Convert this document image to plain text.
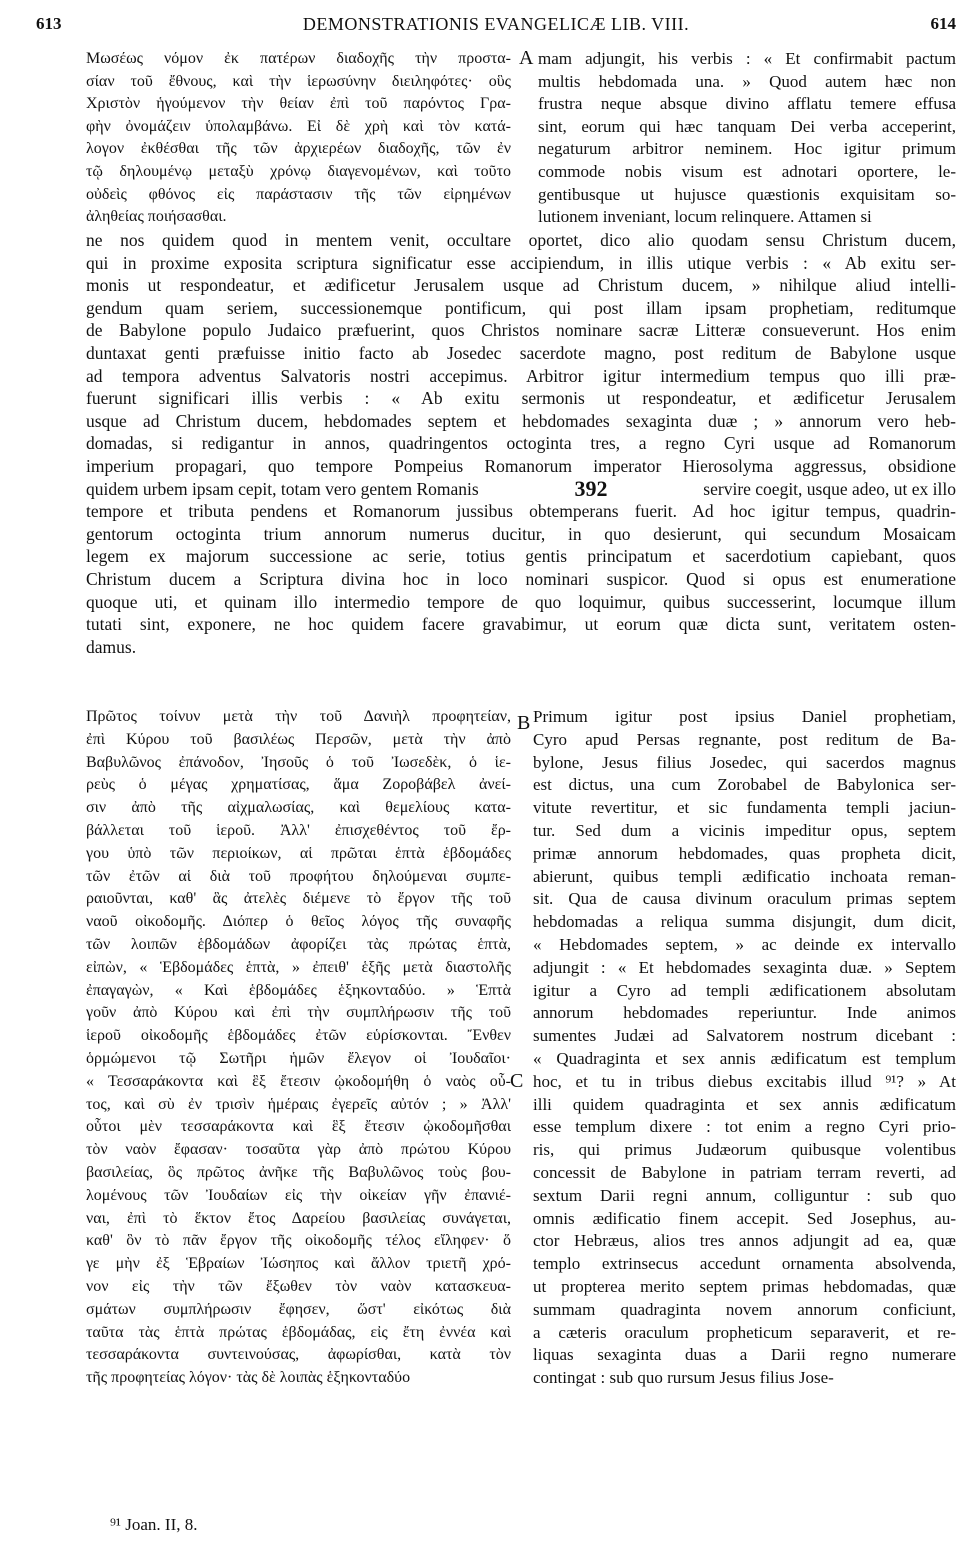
613	DEMONSTRATIONIS EVANGELICÆ LIB. VIII.	614
Μωσέως νόμον ἐκ πατέρων διαδοχῆς τὴν προστα-
σίαν τοῦ ἔθνους, καὶ τὴν ἱερωσύνην διειληφότες· οὓς
Χριστὸν ἡγούμενον τὴν θείαν ἐπὶ τοῦ παρόντος Γρα-
φὴν ὀνομάζειν ὑπολαμβάνω. Εἰ δὲ χρὴ καὶ τὸν κατά-
λογον ἐκθέσθαι τῆς τῶν ἀρχιερέων διαδοχῆς, τῶν ἐν
τῷ δηλουμένῳ μεταξὺ χρόνῳ διαγενομένων, καὶ τοῦτο
οὐδεὶς φθόνος εἰς παράστασιν τῆς τῶν εἰρημένων
ἀληθείας ποιήσασθαι.
A mam adjungit, his verbis : « Et confirmabit pactum
multis hebdomada una. » Quod autem hæc non
frustra neque absque divino afflatu temere effusa
sint, eorum qui hæc tanquam Dei verba acceperint,
negaturum arbitror neminem. Hoc igitur primum
commode nobis visum est adnotari oportere, le-
gentibusque ut hujusce quæstionis exquisitam so-
lutionem inveniant, locum relinquere. Attamen si
ne nos quidem quod in mentem venit, occultare oportet, dico alio quodam sensu Christum ducem,
qui in proxime exposita scriptura significatur esse accipiendum, in illis utique verbis : « Ab exitu ser-
monis ut respondeatur, et ædificetur Jerusalem usque ad Christum ducem, » nihilque aliud intelli-
gendum quam seriem, successionemque pontificum, qui post illam ipsam prophetiam, reditumque
de Babylone populo Judaico præfuerint, quos Christos nominare sacræ Litteræ consueverunt. Hos enim
duntaxat genti præfuisse initio facto ab Josedec sacerdote magno, post reditum de Babylone usque
ad tempora adventus Salvatoris nostri accepimus. Arbitror igitur intermedium tempus quo illi præ-
fuerunt significari illis verbis : « Ab exitu sermonis ut respondeatur, et ædificetur Jerusalem
usque ad Christum ducem, hebdomades septem et hebdomades sexaginta duæ ; » annorum vero heb-
domadas, si redigantur in annos, quadringentos octoginta tres, a regno Cyri usque ad Romanorum
imperium propagari, quo tempore Pompeius Romanorum imperator Hierosolyma aggressus, obsidione
quidem urbem ipsam cepit, totam vero gentem Romanis	392	servire coegit, usque adeo, ut ex illo
tempore et tributa pendens et Romanorum jussibus obtemperans fuerit. Ad hoc igitur tempus, quadrin-
gentorum octoginta trium annorum numerus ducitur, in quo desierunt, qui secundum Mosaicam
legem ex majorum successione ac serie, totius gentis principatum et sacerdotium capiebant, quos
Christum ducem a Scriptura divina hoc in loco nominari suspicor. Quod si opus est enumeratione
quoque uti, et quinam illo intermedio tempore de quo loquimur, quibus successerint, locumque illum
tutati sint, exponere, ne hoc quidem facere gravabimur, ut eorum quæ dicta sunt, veritatem osten-
damus.
Πρῶτος τοίνυν μετὰ τὴν τοῦ Δανιὴλ προφητείαν,
ἐπὶ Κύρου τοῦ βασιλέως Περσῶν, μετὰ τὴν ἀπὸ
Βαβυλῶνος ἐπάνοδον, Ἰησοῦς ὁ τοῦ Ἰωσεδὲκ, ὁ ἱε-
ρεὺς ὁ μέγας χρηματίσας, ἅμα Ζοροβάβελ ἀνεί-
σιν ἀπὸ τῆς αἰχμαλωσίας, καὶ θεμελίους κατα-
βάλλεται τοῦ ἱεροῦ. Ἀλλ' ἐπισχεθέντος τοῦ ἔρ-
γου ὑπὸ τῶν περιοίκων, αἱ πρῶται ἑπτὰ ἑβδομάδες
τῶν ἐτῶν αἱ διὰ τοῦ προφήτου δηλούμεναι συμπε-
ραιοῦνται, καθ' ἃς ἀτελὲς διέμενε τὸ ἔργον τῆς τοῦ
ναοῦ οἰκοδομῆς. Διόπερ ὁ θεῖος λόγος τῆς συναφῆς
τῶν λοιπῶν ἑβδομάδων ἀφορίζει τὰς πρώτας ἑπτὰ,
εἰπὼν, « Ἑβδομάδες ἑπτὰ, » ἐπειθ' ἑξῆς μετὰ διαστολῆς
ἐπαγαγὼν, « Καὶ ἑβδομάδες ἑξηκονταδύο. » Ἑπτὰ
γοῦν ἀπὸ Κύρου καὶ ἐπὶ τὴν συμπλήρωσιν τῆς τοῦ
ἱεροῦ οἰκοδομῆς ἑβδομάδες ἐτῶν εὑρίσκονται. Ἔνθεν
ὁρμώμενοι τῷ Σωτῆρι ἡμῶν ἔλεγον οἱ Ἰουδαῖοι·
« Τεσσαράκοντα καὶ ἓξ ἔτεσιν ᾠκοδομήθη ὁ ναὸς οὗ-
τος, καὶ σὺ ἐν τρισὶν ἡμέραις ἐγερεῖς αὐτόν ; » Ἀλλ'
οὗτοι μὲν τεσσαράκοντα καὶ ἓξ ἔτεσιν ᾠκοδομῆσθαι
τὸν ναὸν ἔφασαν· τοσαῦτα γὰρ ἀπὸ πρώτου Κύρου
βασιλείας, ὃς πρῶτος ἀνῆκε τῆς Βαβυλῶνος τοὺς βου-
λομένους τῶν Ἰουδαίων εἰς τὴν οἰκείαν γῆν ἐπανιέ-
ναι, ἐπὶ τὸ ἕκτον ἔτος Δαρείου βασιλείας συνάγεται,
καθ' ὃν τὸ πᾶν ἔργον τῆς οἰκοδομῆς τέλος εἴληφεν· ὅ
γε μὴν ἐξ Ἑβραίων Ἰώσηπος καὶ ἄλλον τριετῆ χρό-
νον εἰς τὴν τῶν ἔξωθεν τὸν ναὸν κατασκευα-
σμάτων συμπλήρωσιν ἔφησεν, ὥστ' εἰκότως διὰ
ταῦτα τὰς ἑπτὰ πρώτας ἑβδομάδας, εἰς ἔτη ἐννέα καὶ
τεσσαράκοντα συντεινούσας, ἀφωρίσθαι, κατὰ τὸν
τῆς προφητείας λόγον· τὰς δὲ λοιπὰς ἑξηκονταδύο
B
C
Primum igitur post ipsius Daniel prophetiam,
Cyro apud Persas regnante, post reditum de Ba-
bylone, Jesus filius Josedec, qui sacerdos magnus
est dictus, una cum Zorobabel de Babylonica ser-
vitute revertitur, et sic fundamenta templi jaciun-
tur. Sed dum a vicinis impeditur opus, septem
primæ annorum hebdomades, quas propheta dicit,
abierunt, quibus templi ædificatio inchoata reman-
sit. Qua de causa divinum oraculum primas septem
hebdomadas a reliqua summa disjungit, dum dicit,
« Hebdomades septem, » ac deinde ex intervallo
adjungit : « Et hebdomades sexaginta duæ. » Septem
igitur a Cyro ad templi ædificationem absolutam
annorum hebdomades reperiuntur. Inde animos
sumentes Judæi ad Salvatorem nostrum dicebant :
« Quadraginta et sex annis ædificatum est templum
hoc, et tu in tribus diebus excitabis illud ⁹¹? » At
illi quidem quadraginta et sex annis ædificatum
esse templum dixere : tot enim a regno Cyri prio-
ris, qui primus Judæorum quibusque volentibus
concessit de Babylone in patriam terram reverti, ad
sextum Darii regni annum, colliguntur : sub quo
omnis ædificatio finem accepit. Sed Josephus, au-
ctor Hebræus, alios tres annos adjungit ad ea, quæ
templo extrinsecus accedunt ornamenta absolvenda,
ut propterea merito septem primas hebdomadas, quæ
summam quadraginta novem annorum conficiunt,
a cæteris oraculum propheticum separaverit, et re-
liquas sexaginta duas a Darii regno numerare
contingat : sub quo rursum Jesus filius Jose-
⁹¹ Joan. II, 8.
